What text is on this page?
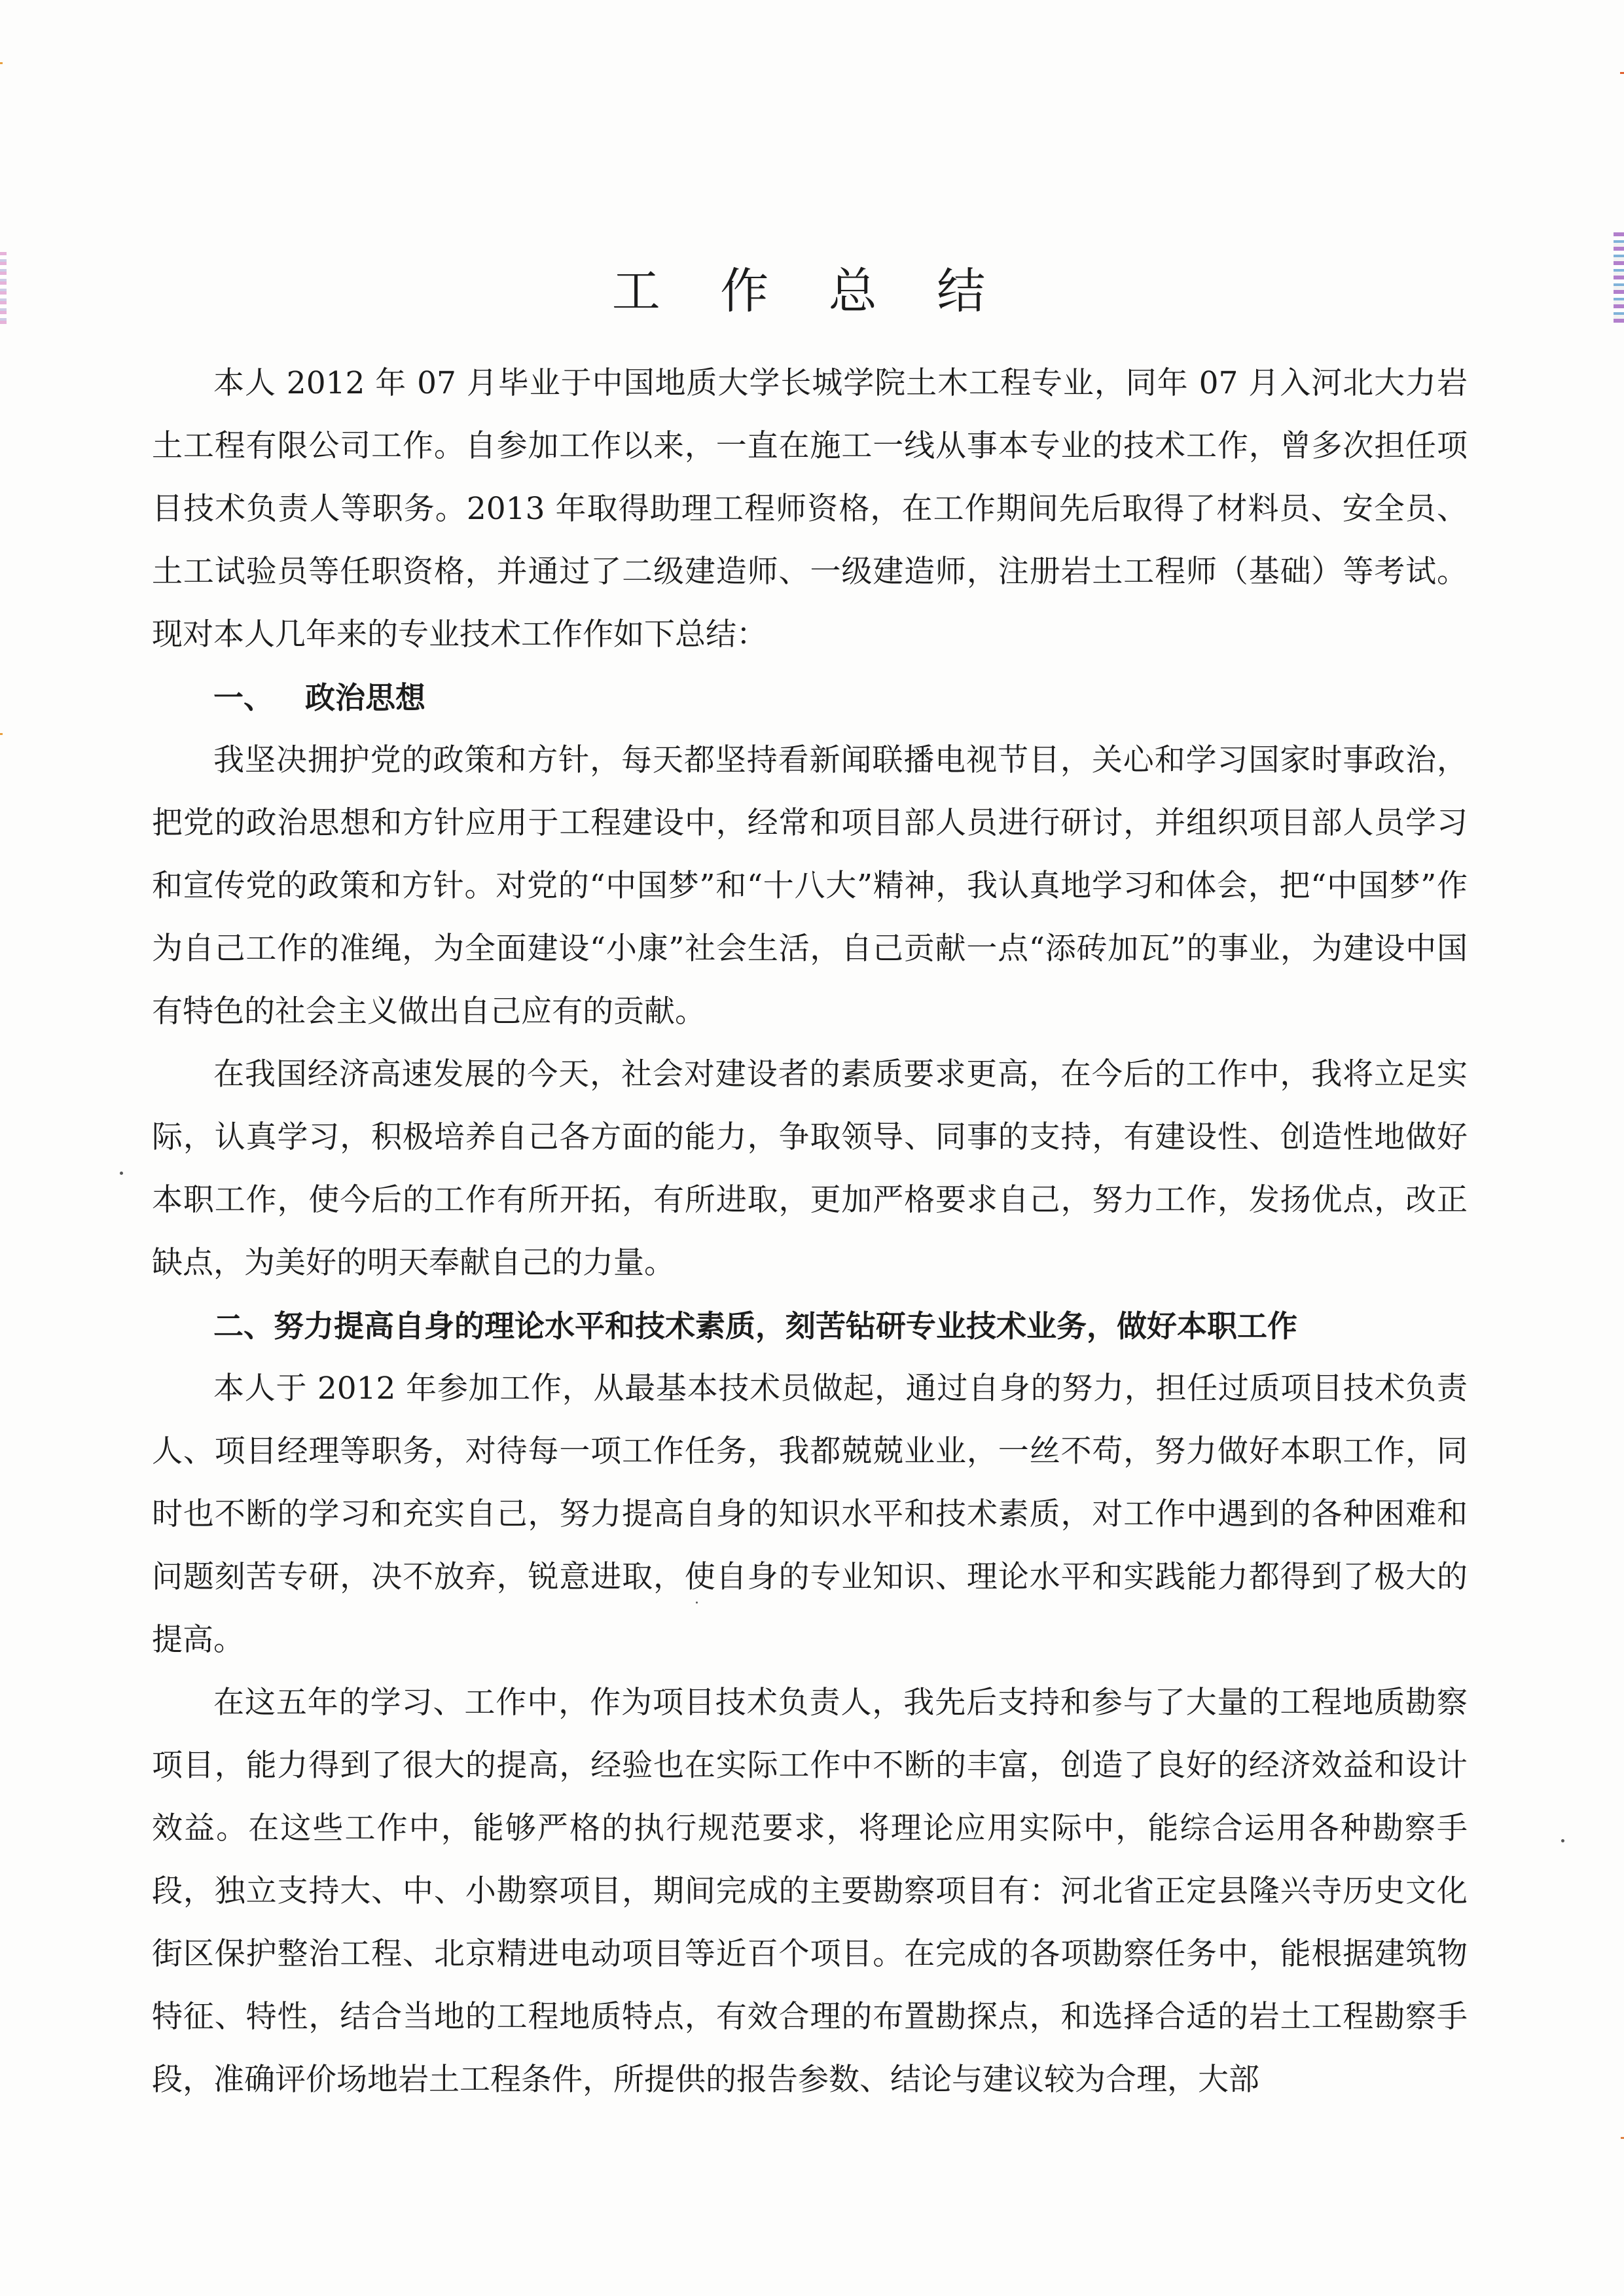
工 作 总 结

本人 2012 年 07 月毕业于中国地质大学长城学院土木工程专业，同年 07 月入河北大力岩土工程有限公司工作。自参加工作以来，一直在施工一线从事本专业的技术工作，曾多次担任项目技术负责人等职务。2013 年取得助理工程师资格，在工作期间先后取得了材料员、安全员、土工试验员等任职资格，并通过了二级建造师、一级建造师，注册岩土工程师（基础）等考试。现对本人几年来的专业技术工作作如下总结：

一、 政治思想

我坚决拥护党的政策和方针，每天都坚持看新闻联播电视节目，关心和学习国家时事政治，把党的政治思想和方针应用于工程建设中，经常和项目部人员进行研讨，并组织项目部人员学习和宣传党的政策和方针。对党的“中国梦”和“十八大”精神，我认真地学习和体会，把“中国梦”作为自己工作的准绳，为全面建设“小康”社会生活，自己贡献一点“添砖加瓦”的事业，为建设中国有特色的社会主义做出自己应有的贡献。

在我国经济高速发展的今天，社会对建设者的素质要求更高，在今后的工作中，我将立足实际，认真学习，积极培养自己各方面的能力，争取领导、同事的支持，有建设性、创造性地做好本职工作，使今后的工作有所开拓，有所进取，更加严格要求自己，努力工作，发扬优点，改正缺点，为美好的明天奉献自己的力量。

二、努力提高自身的理论水平和技术素质，刻苦钻研专业技术业务，做好本职工作

本人于 2012 年参加工作，从最基本技术员做起，通过自身的努力，担任过质项目技术负责人、项目经理等职务，对待每一项工作任务，我都兢兢业业，一丝不苟，努力做好本职工作，同时也不断的学习和充实自己，努力提高自身的知识水平和技术素质，对工作中遇到的各种困难和问题刻苦专研，决不放弃，锐意进取，使自身的专业知识、理论水平和实践能力都得到了极大的提高。

在这五年的学习、工作中，作为项目技术负责人，我先后支持和参与了大量的工程地质勘察项目，能力得到了很大的提高，经验也在实际工作中不断的丰富，创造了良好的经济效益和设计效益。在这些工作中，能够严格的执行规范要求，将理论应用实际中，能综合运用各种勘察手段，独立支持大、中、小勘察项目，期间完成的主要勘察项目有：河北省正定县隆兴寺历史文化街区保护整治工程、北京精进电动项目等近百个项目。在完成的各项勘察任务中，能根据建筑物特征、特性，结合当地的工程地质特点，有效合理的布置勘探点，和选择合适的岩土工程勘察手段，准确评价场地岩土工程条件，所提供的报告参数、结论与建议较为合理，大部
